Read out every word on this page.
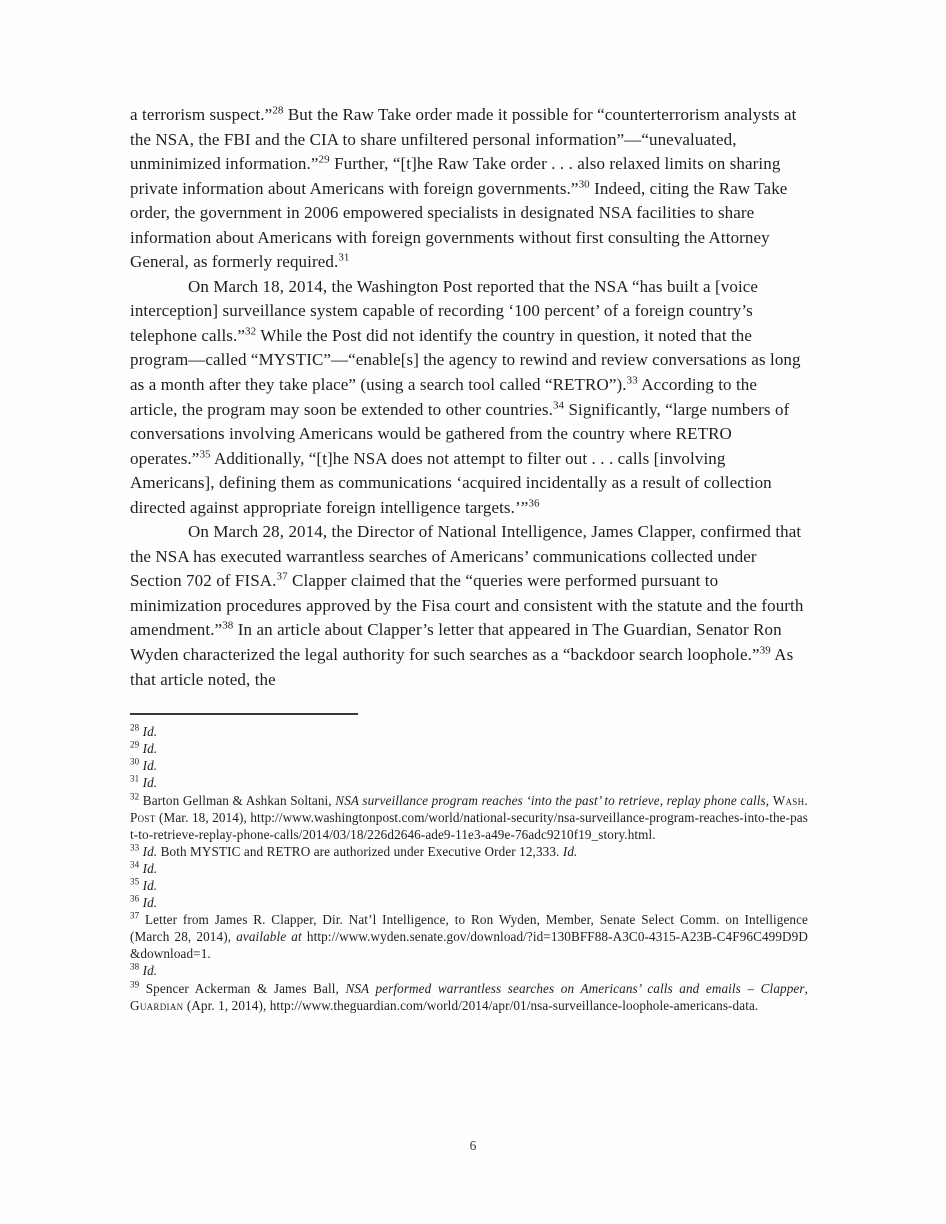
a terrorism suspect.”$^{28}$ But the Raw Take order made it possible for “counterterrorism analysts at the NSA, the FBI and the CIA to share unfiltered personal information”—“unevaluated, unminimized information.”$^{29}$ Further, “[t]he Raw Take order . . . also relaxed limits on sharing private information about Americans with foreign governments.”$^{30}$ Indeed, citing the Raw Take order, the government in 2006 empowered specialists in designated NSA facilities to share information about Americans with foreign governments without first consulting the Attorney General, as formerly required.$^{31}$

On March 18, 2014, the Washington Post reported that the NSA “has built a [voice interception] surveillance system capable of recording ‘100 percent’ of a foreign country’s telephone calls.”$^{32}$ While the Post did not identify the country in question, it noted that the program—called “MYSTIC”—“enable[s] the agency to rewind and review conversations as long as a month after they take place” (using a search tool called “RETRO”).$^{33}$ According to the article, the program may soon be extended to other countries.$^{34}$ Significantly, “large numbers of conversations involving Americans would be gathered from the country where RETRO operates.”$^{35}$ Additionally, “[t]he NSA does not attempt to filter out . . . calls [involving Americans], defining them as communications ‘acquired incidentally as a result of collection directed against appropriate foreign intelligence targets.’”$^{36}$

On March 28, 2014, the Director of National Intelligence, James Clapper, confirmed that the NSA has executed warrantless searches of Americans’ communications collected under Section 702 of FISA.$^{37}$ Clapper claimed that the “queries were performed pursuant to minimization procedures approved by the Fisa court and consistent with the statute and the fourth amendment.”$^{38}$ In an article about Clapper’s letter that appeared in The Guardian, Senator Ron Wyden characterized the legal authority for such searches as a “backdoor search loophole.”$^{39}$ As that article noted, the

$^{28}$ Id.

$^{29}$ Id.

$^{30}$ Id.

$^{31}$ Id.

$^{32}$ Barton Gellman & Ashkan Soltani, NSA surveillance program reaches ‘into the past’ to retrieve, replay phone calls, Wash. Post (Mar. 18, 2014), http://www.washingtonpost.com/world/national-security/nsa-surveillance-program-reaches-into-the-past-to-retrieve-replay-phone-calls/2014/03/18/226d2646-ade9-11e3-a49e-76adc9210f19_story.html.

$^{33}$ Id. Both MYSTIC and RETRO are authorized under Executive Order 12,333. Id.

$^{34}$ Id.

$^{35}$ Id.

$^{36}$ Id.

$^{37}$ Letter from James R. Clapper, Dir. Nat’l Intelligence, to Ron Wyden, Member, Senate Select Comm. on Intelligence (March 28, 2014), available at http://www.wyden.senate.gov/download/?id=130BFF88-A3C0-4315-A23B-C4F96C499D9D&download=1.

$^{38}$ Id.

$^{39}$ Spencer Ackerman & James Ball, NSA performed warrantless searches on Americans’ calls and emails – Clapper, Guardian (Apr. 1, 2014), http://www.theguardian.com/world/2014/apr/01/nsa-surveillance-loophole-americans-data.

6
